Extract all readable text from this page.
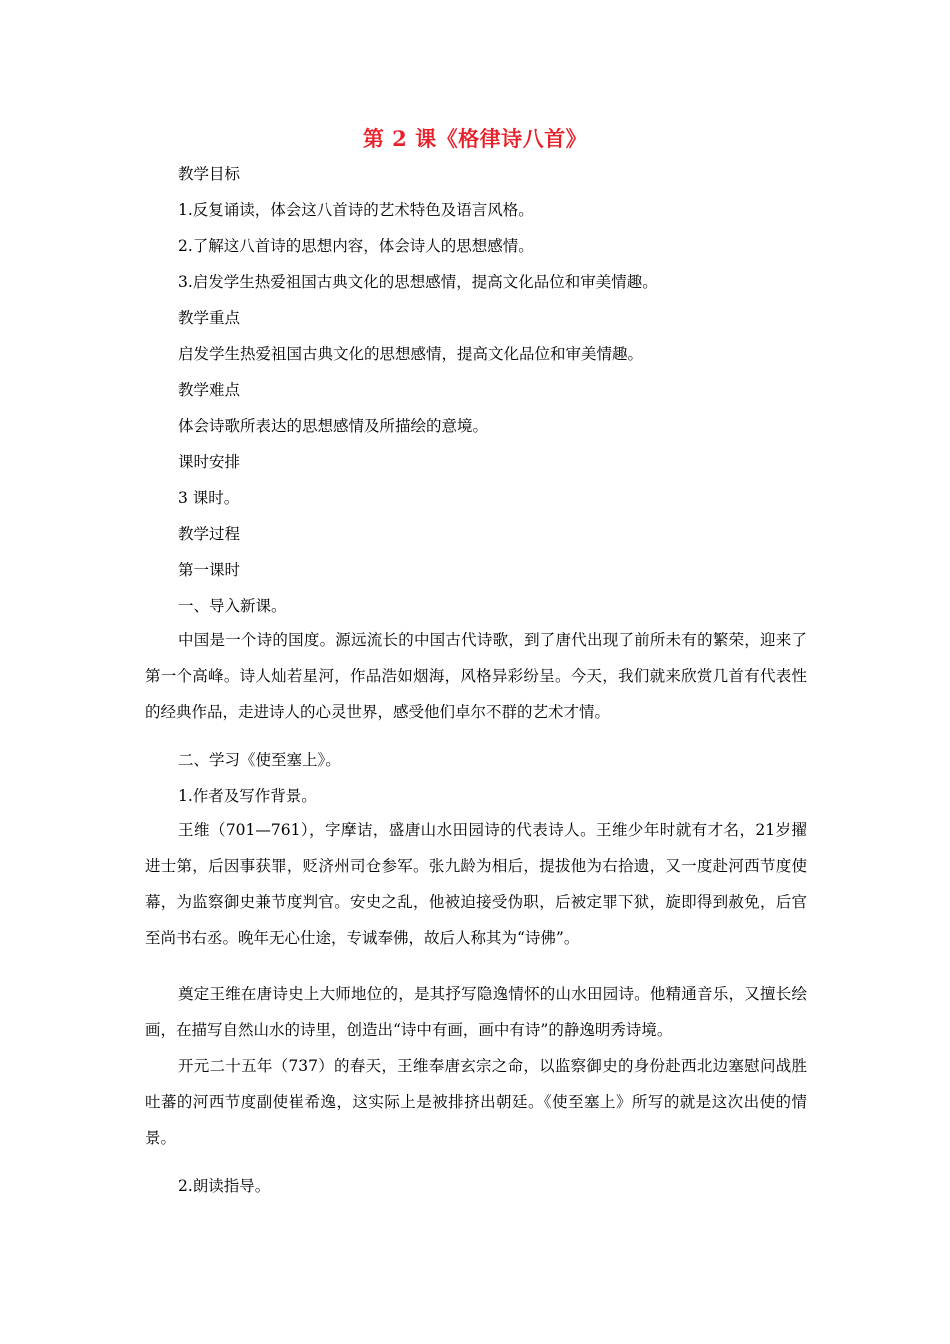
第 2 课《格律诗八首》
教学目标
1.反复诵读，体会这八首诗的艺术特色及语言风格。
2.了解这八首诗的思想内容，体会诗人的思想感情。
3.启发学生热爱祖国古典文化的思想感情，提高文化品位和审美情趣。
教学重点
启发学生热爱祖国古典文化的思想感情，提高文化品位和审美情趣。
教学难点
体会诗歌所表达的思想感情及所描绘的意境。
课时安排
3 课时。
教学过程
第一课时
一、导入新课。
中国是一个诗的国度。源远流长的中国古代诗歌，到了唐代出现了前所未有的繁荣，迎来了第一个高峰。诗人灿若星河，作品浩如烟海，风格异彩纷呈。今天，我们就来欣赏几首有代表性的经典作品，走进诗人的心灵世界，感受他们卓尔不群的艺术才情。
二、学习《使至塞上》。
1.作者及写作背景。
王维（701—761），字摩诘，盛唐山水田园诗的代表诗人。王维少年时就有才名，21岁擢进士第，后因事获罪，贬济州司仓参军。张九龄为相后，提拔他为右拾遗，又一度赴河西节度使幕，为监察御史兼节度判官。安史之乱，他被迫接受伪职，后被定罪下狱，旋即得到赦免，后官至尚书右丞。晚年无心仕途，专诚奉佛，故后人称其为“诗佛”。
奠定王维在唐诗史上大师地位的，是其抒写隐逸情怀的山水田园诗。他精通音乐，又擅长绘画，在描写自然山水的诗里，创造出“诗中有画，画中有诗”的静逸明秀诗境。
开元二十五年（737）的春天，王维奉唐玄宗之命，以监察御史的身份赴西北边塞慰问战胜吐蕃的河西节度副使崔希逸，这实际上是被排挤出朝廷。《使至塞上》所写的就是这次出使的情景。
2.朗读指导。
